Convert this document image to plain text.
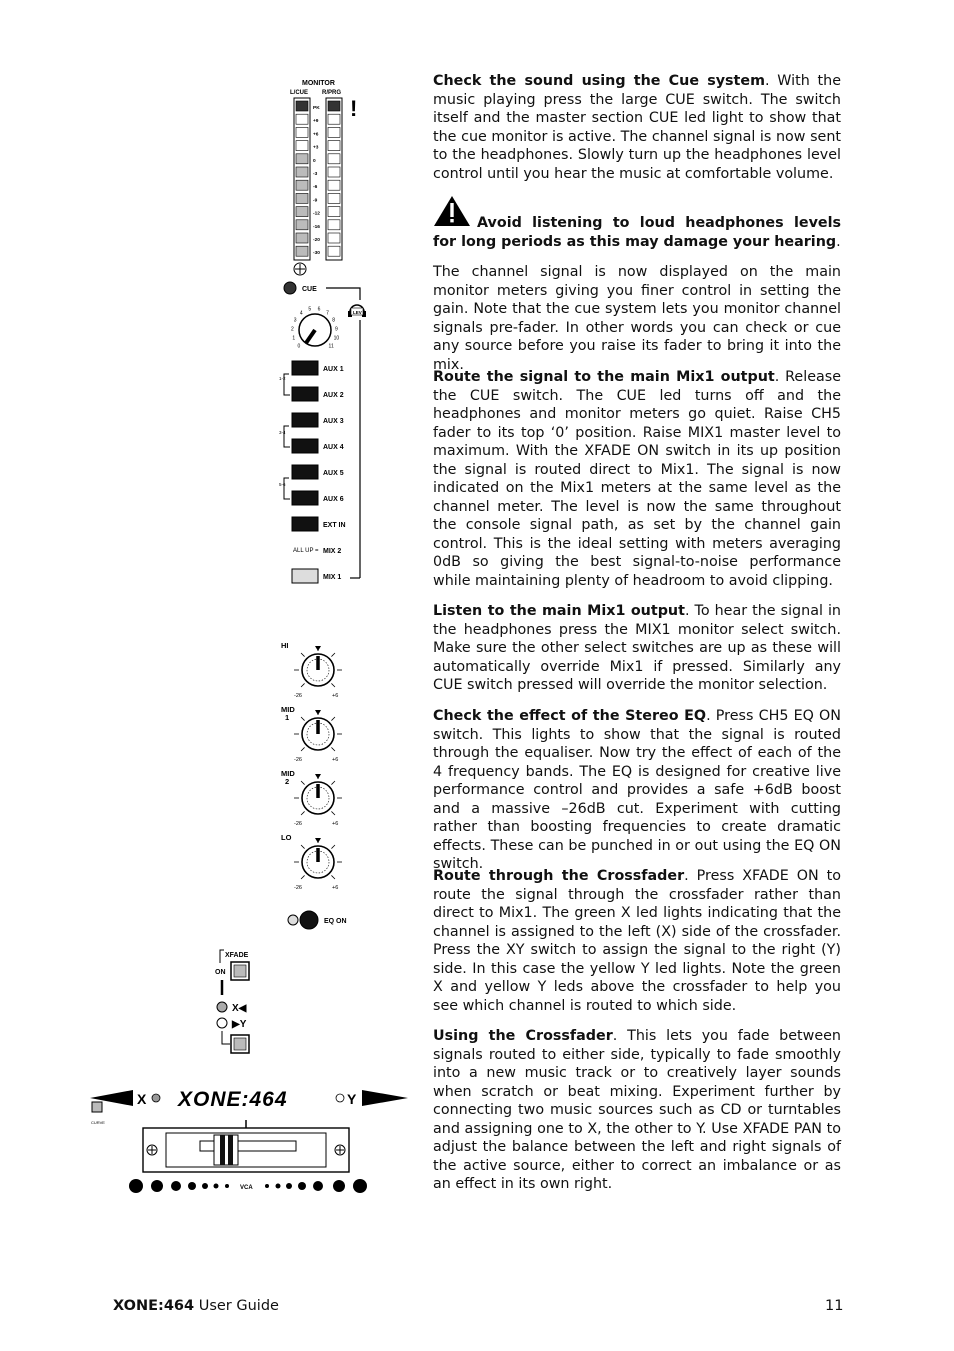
MONITOR
L/CUE R/PRG
PK
+9
+6
+3
0
-3
-6
-9
-12
-16
-20
-30
!
CUE
0
1
2
3
4
5 6
7
8
9
10
11
LEV
AUX 1
AUX 2
AUX 3
AUX 4
AUX 5
AUX 6
EXT IN
MIX 2
MIX 1
1-2
3-4
5-6
ALL UP =
HI
-26	+6
MID
1
-26	+6
MID
2
-26	+6
LO
-26	+6
EQ ON
XFADE
ON
X◀
▶Y
X XONE:464	Y
CURVE
VCA

Check the sound using the Cue system. With the music playing press the large CUE switch. The switch itself and the master section CUE led light to show that the cue monitor is active. The channel signal is now sent to the headphones. Slowly turn up the headphones level control until you hear the music at comfortable volume.

Avoid listening to loud headphones levels for long periods as this may damage your hearing.

The channel signal is now displayed on the main monitor meters giving you finer control in setting the gain. Note that the cue system lets you monitor channel signals pre-fader. In other words you can check or cue any source before you raise its fader to bring it into the mix.

Route the signal to the main Mix1 output. Release the CUE switch. The CUE led turns off and the headphones and monitor meters go quiet. Raise CH5 fader to its top ‘0’ position. Raise MIX1 master level to maximum. With the XFADE ON switch in its up position the signal is routed direct to Mix1. The signal is now indicated on the Mix1 meters at the same level as the channel meter. The level is now the same throughout the console signal path, as set by the channel gain control. This is the ideal setting with meters averaging 0dB so giving the best signal-to-noise performance while maintaining plenty of headroom to avoid clipping.

Listen to the main Mix1 output. To hear the signal in the headphones press the MIX1 monitor select switch. Make sure the other select switches are up as these will automatically override Mix1 if pressed. Similarly any CUE switch pressed will override the monitor selection.

Check the effect of the Stereo EQ. Press CH5 EQ ON switch. This lights to show that the signal is routed through the equaliser. Now try the effect of each of the 4 frequency bands. The EQ is designed for creative live performance control and provides a safe +6dB boost and a massive –26dB cut. Experiment with cutting rather than boosting frequencies to create dramatic effects. These can be punched in or out using the EQ ON switch.

Route through the Crossfader. Press XFADE ON to route the signal through the crossfader rather than direct to Mix1. The green X led lights indicating that the channel is assigned to the left (X) side of the crossfader. Press the XY switch to assign the signal to the right (Y) side. In this case the yellow Y led lights. Note the green X and yellow Y leds above the crossfader to help you see which channel is routed to which side.

Using the Crossfader. This lets you fade between signals routed to either side, typically to fade smoothly into a new music track or to creatively layer sounds when scratch or beat mixing. Experiment further by connecting two music sources such as CD or turntables and assigning one to X, the other to Y. Use XFADE PAN to adjust the balance between the left and right signals of the active source, either to correct an imbalance or as an effect in its own right.

XONE:464 User Guide	11
